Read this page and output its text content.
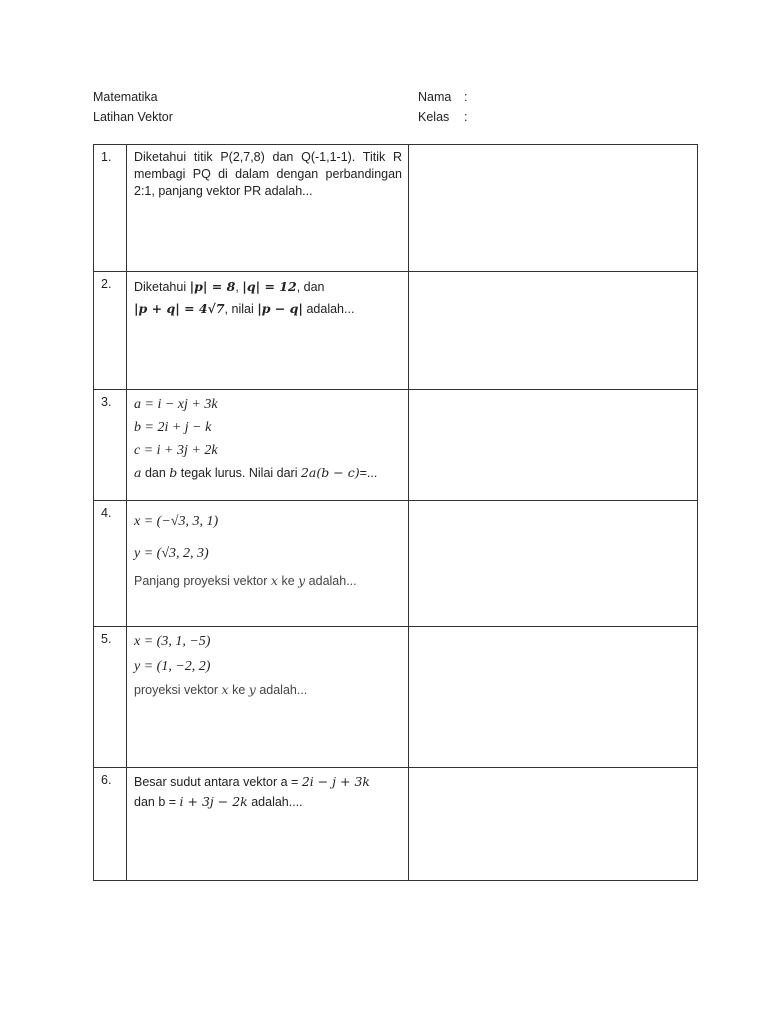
Matematika
Latihan Vektor
Nama	:
Kelas	:
1.	Diketahui titik P(2,7,8) dan Q(-1,1-1). Titik R membagi PQ di dalam dengan perbandingan 2:1, panjang vektor PR adalah...	

2.	Diketahui |p| = 8, |q| = 12, dan
|p + q| = 4√7, nilai |p − q| adalah...	

3.	a = i − xj + 3k
b = 2i + j − k
c = i + 3j + 2k
a dan b tegak lurus. Nilai dari 2a(b − c)=...	

4.	x = (−√3, 3, 1)
y = (√3, 2, 3)
Panjang proyeksi vektor x ke y adalah...	

5.	x = (3, 1, −5)
y = (1, −2, 2)
proyeksi vektor x ke y adalah...	

6.	Besar sudut antara vektor a = 2i − j + 3k
dan b = i + 3j − 2k adalah....	
